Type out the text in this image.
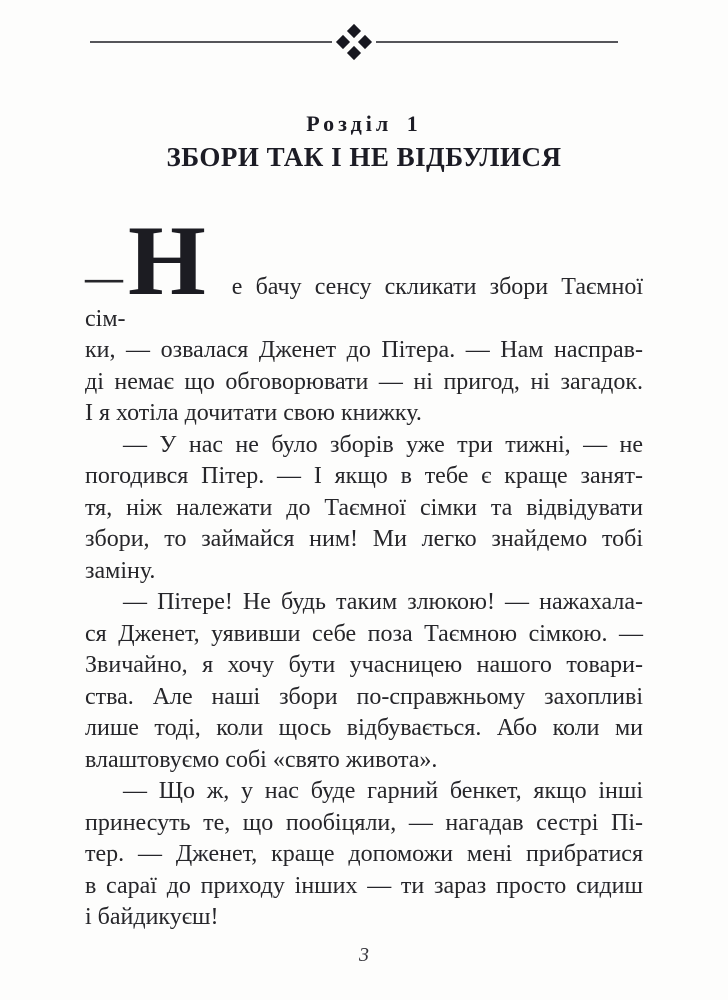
Розділ 1
ЗБОРИ ТАК І НЕ ВІДБУЛИСЯ
—Н е бачу сенсу скликати збори Таємної сім-
ки, — озвалася Дженет до Пітера. — Нам насправ-
ді немає що обговорювати — ні пригод, ні загадок.
І я хотіла дочитати свою книжку.
— У нас не було зборів уже три тижні, — не
погодився Пітер. — І якщо в тебе є краще занят-
тя, ніж належати до Таємної сімки та відвідувати
збори, то займайся ним! Ми легко знайдемо тобі
заміну.
— Пітере! Не будь таким злюкою! — нажахала-
ся Дженет, уявивши себе поза Таємною сімкою. —
Звичайно, я хочу бути учасницею нашого товари-
ства. Але наші збори по-справжньому захопливі
лише тоді, коли щось відбувається. Або коли ми
влаштовуємо собі «свято живота».
— Що ж, у нас буде гарний бенкет, якщо інші
принесуть те, що пообіцяли, — нагадав сестрі Пі-
тер. — Дженет, краще допоможи мені прибратися
в сараї до приходу інших — ти зараз просто сидиш
і байдикуєш!
3
